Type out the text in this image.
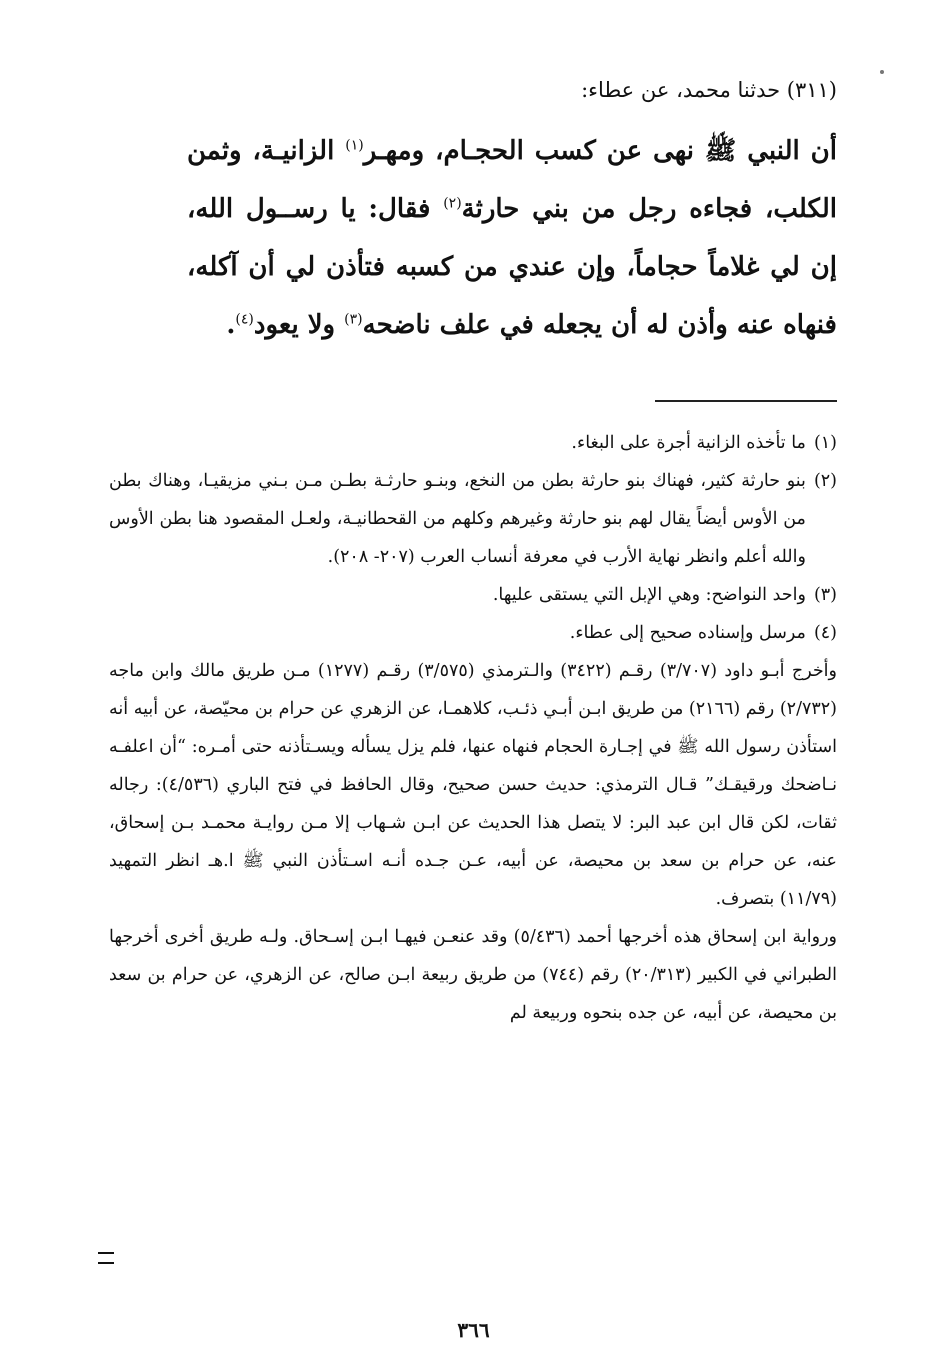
(٣١١) حدثنا محمد، عن عطاء:
أن النبي ﷺ نهى عن كسب الحجـام، ومهـر$^{(١)}$ الزانيـة، وثمن الكلب، فجاءه رجل من بني حارثة$^{(٢)}$ فقال: يا رســول الله، إن لي غلاماً حجاماً، وإن عندي من كسبه فتأذن لي أن آكله، فنهاه عنه وأذن له أن يجعله في علف ناضحه$^{(٣)}$ ولا يعود$^{(٤)}$.
(١)
ما تأخذه الزانية أجرة على البغاء.
(٢)
بنو حارثة كثير، فهناك بنو حارثة بطن من النخع، وبنـو حارثـة بطـن مـن بـني مزيقيـا، وهناك بطن من الأوس أيضاً يقال لهم بنو حارثة وغيرهم وكلهم من القحطانيـة، ولعـل المقصود هنا بطن الأوس والله أعلم وانظر نهاية الأرب في معرفة أنساب العرب (٢٠٧- ٢٠٨).
(٣)
واحد النواضح: وهي الإبل التي يستقى عليها.
(٤)
مرسل وإسناده صحيح إلى عطاء.
وأخرج أبـو داود (٣/٧٠٧) رقـم (٣٤٢٢) والـترمذي (٣/٥٧٥) رقـم (١٢٧٧) مـن طريق مالك وابن ماجه (٢/٧٣٢) رقم (٢١٦٦) من طريق ابـن أبـي ذئـب، كلاهمـا، عن الزهري عن حرام بن محيّصة، عن أبيه أنه استأذن رسول الله ﷺ في إجـارة الحجام فنهاه عنها، فلم يزل يسأله ويسـتأذنه حتى أمـره: “أن اعلفـه نـاضحك ورقيقـك” قـال الترمذي: حديث حسن صحيح، وقال الحافظ في فتح الباري (٤/٥٣٦): رجاله ثقات، لكن قال ابن عبد البر: لا يتصل هذا الحديث عن ابـن شـهاب إلا مـن روايـة محمـد بـن إسحاق، عنه، عن حرام بن سعد بن محيصة، عن أبيه، عـن جـده أنـه اسـتأذن النبي ﷺ ا.هـ انظر التمهيد (١١/٧٩) بتصرف.
ورواية ابن إسحاق هذه أخرجها أحمد (٥/٤٣٦) وقد عنعـن فيهـا ابـن إسـحاق. ولـه طريق أخرى أخرجها الطبراني في الكبير (٢٠/٣١٣) رقم (٧٤٤) من طريق ربيعة ابـن صالح، عن الزهري، عن حرام بن سعد بن محيصة، عن أبيه، عن جده بنحوه وربيعة لم
٣٦٦
